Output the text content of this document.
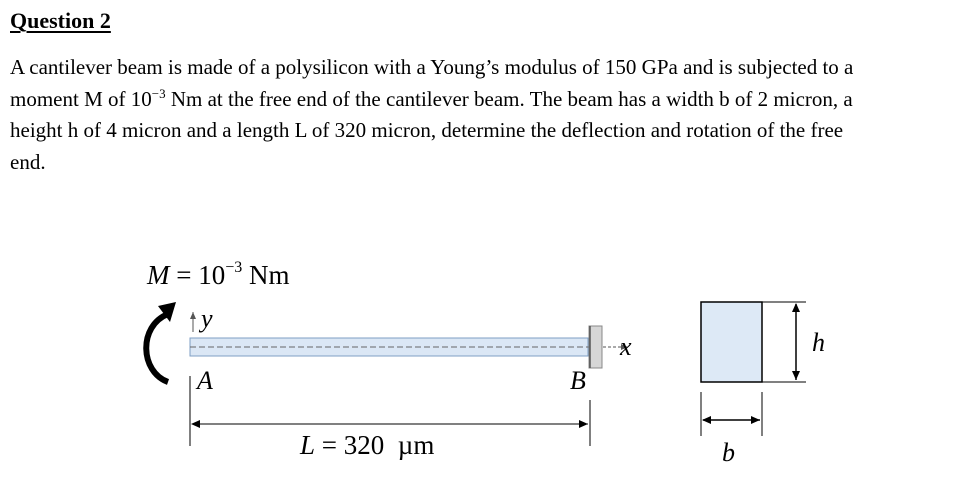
Question 2
A cantilever beam is made of a polysilicon with a Young’s modulus of 150 GPa and is subjected to a
moment M of $10^{-3}$ Nm at the free end of the cantilever beam. The beam has a width b of 2 micron, a
height h of 4 micron and a length L of 320 micron, determine the deflection and rotation of the free
end.
$M = 10^{-3}$ Nm
y
x
A	B
L = 320  µm	b
h
